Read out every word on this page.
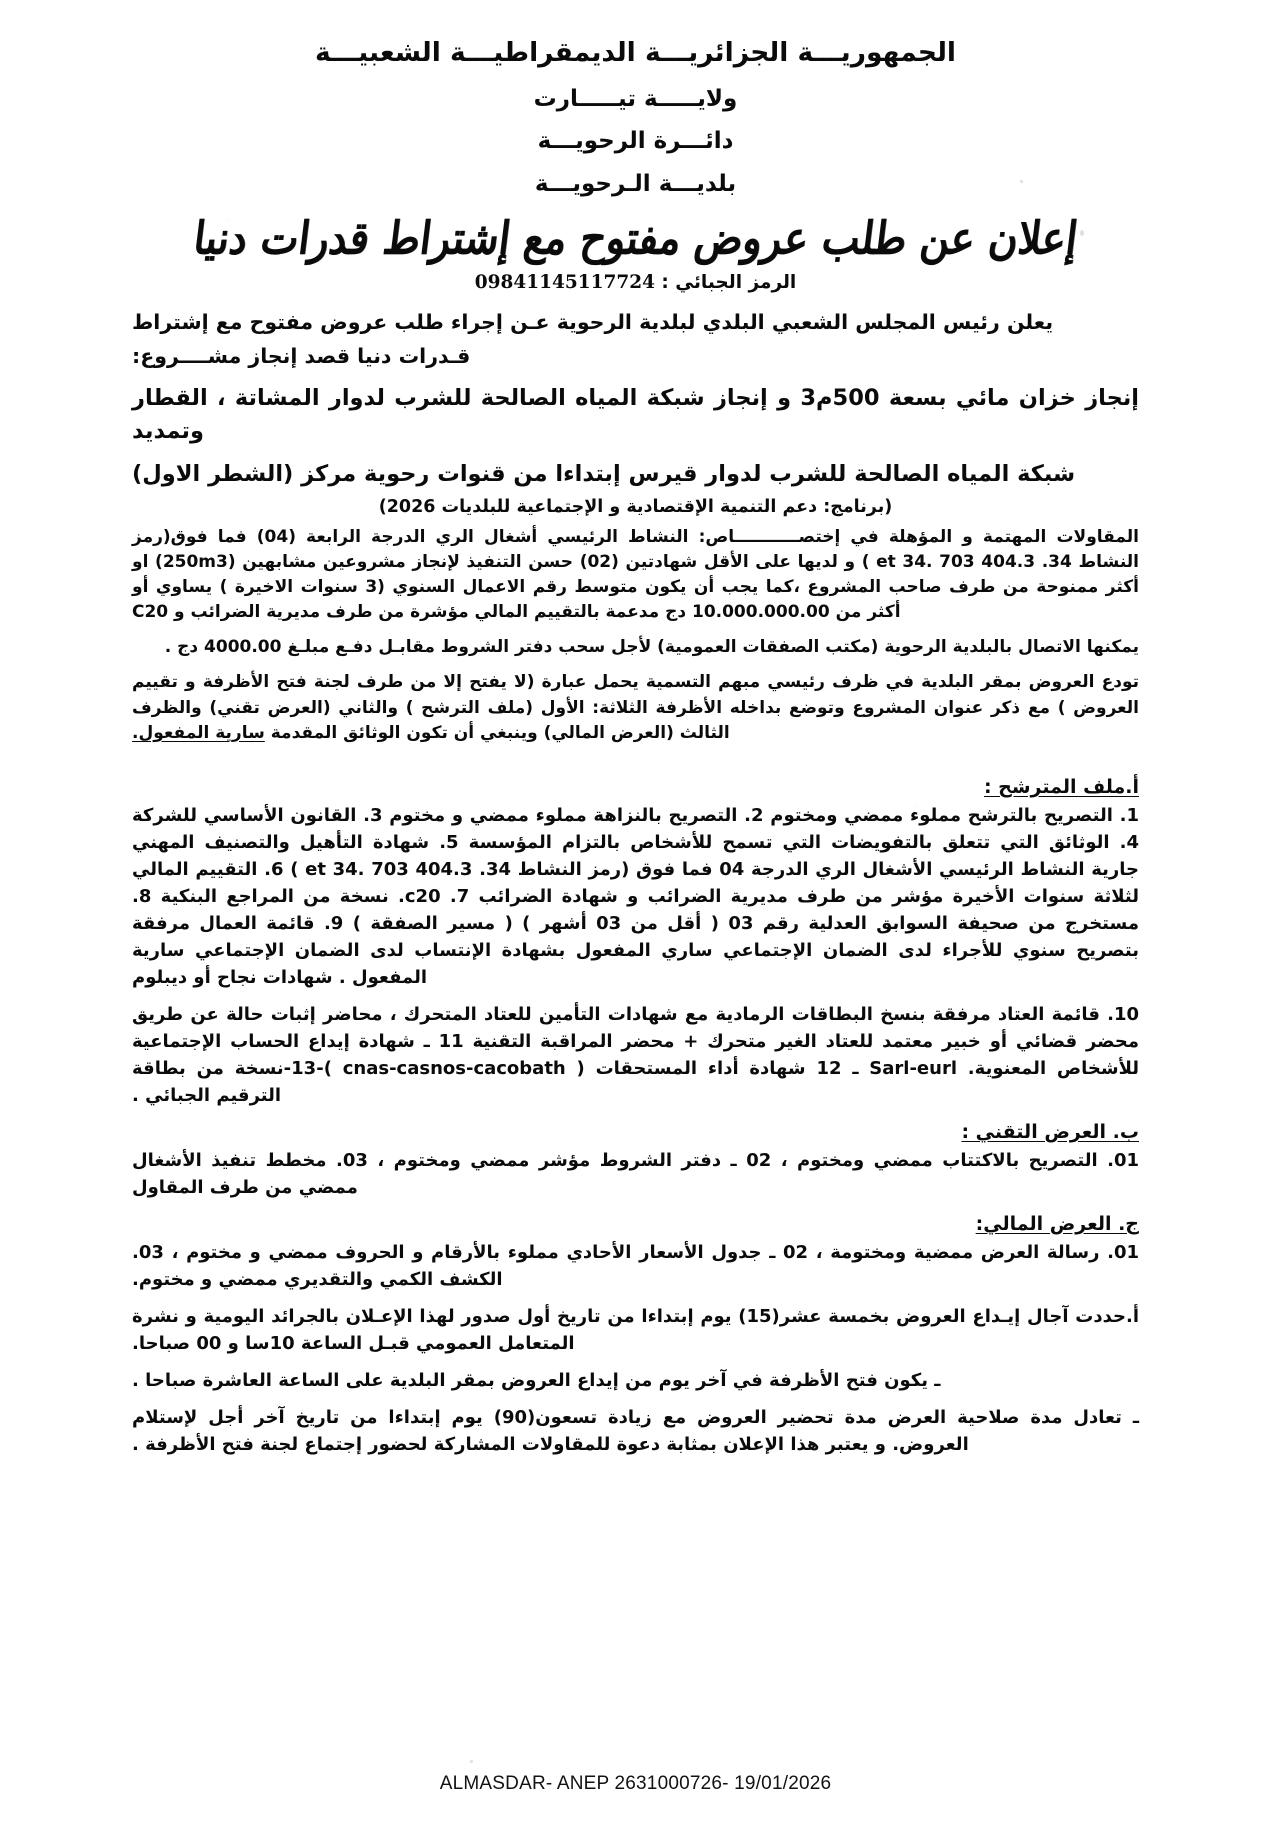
الجمهوريـــة الجزائريـــة الديمقراطيـــة الشعبيـــة
ولايـــــة تيـــــارت
دائـــرة الرحويـــة
بلديـــة الـرحويـــة
إعلان عن طلب عروض مفتوح مع إشتراط قدرات دنيا
الرمز الجبائي : 09841145117724

يعلن رئيس المجلس الشعبي البلدي لبلدية الرحوية عـن إجراء طلب عروض مفتوح مع إشتراط

قـدرات دنيا قصد إنجاز مشــــروع:

إنجاز خزان مائي بسعة 500م3 و إنجاز شبكة المياه الصالحة للشرب لدوار المشاتة ، القطار وتمديد

شبكة المياه الصالحة للشرب لدوار قيرس إبتداءا من قنوات رحوية مركز (الشطر الاول)

(برنامج: دعم التنمية الإقتصادية و الإجتماعية للبلديات 2026)

المقاولات المهتمة و المؤهلة في إختصـــــــــــاص: النشاط الرئيسي أشغال الري الدرجة الرابعة (04) فما فوق(رمز النشاط 34. 404.3 et 34. 703 ) و لديها على الأقل شهادتين (02) حسن التنفيذ لإنجاز مشروعين مشابهين (250m3) او أكثر ممنوحة من طرف صاحب المشروع ،كما يجب أن يكون متوسط رقم الاعمال السنوي (3 سنوات الاخيرة ) يساوي أو أكثر من 10.000.000.00 دج مدعمة بالتقييم المالي مؤشرة من طرف مديرية الضرائب و C20

يمكنها الاتصال بالبلدية الرحوية (مكتب الصفقات العمومية) لأجل سحب دفتر الشروط مقابـل دفـع مبلـغ 4000.00 دج .

تودع العروض بمقر البلدية في ظرف رئيسي مبهم التسمية يحمل عبارة (لا يفتح إلا من طرف لجنة فتح الأظرفة و تقييم العروض ) مع ذكر عنوان المشروع وتوضع بداخله الأظرفة الثلاثة: الأول (ملف الترشح ) والثاني (العرض تقني) والظرف الثالث (العرض المالي) وينبغي أن تكون الوثائق المقدمة سارية المفعول.

أ.ملف المترشح :

1. التصريح بالترشح مملوء ممضي ومختوم 2. التصريح بالنزاهة مملوء ممضي و مختوم 3. القانون الأساسي للشركة 4. الوثائق التي تتعلق بالتفويضات التي تسمح للأشخاص بالتزام المؤسسة 5. شهادة التأهيل والتصنيف المهني جارية النشاط الرئيسي الأشغال الري الدرجة 04 فما فوق (رمز النشاط 34. 404.3 et 34. 703 ) 6. التقييم المالي لثلاثة سنوات الأخيرة مؤشر من طرف مديرية الضرائب و شهادة الضرائب c20 .7. نسخة من المراجع البنكية 8. مستخرج من صحيفة السوابق العدلية رقم 03 ( أقل من 03 أشهر ) ( مسير الصفقة ) 9. قائمة العمال مرفقة بتصريح سنوي للأجراء لدى الضمان الإجتماعي ساري المفعول بشهادة الإنتساب لدى الضمان الإجتماعي سارية المفعول . شهادات نجاح أو ديبلوم

10. قائمة العتاد مرفقة بنسخ البطاقات الرمادية مع شهادات التأمين للعتاد المتحرك ، محاضر إثبات حالة عن طريق محضر قضائي أو خبير معتمد للعتاد الغير متحرك + محضر المراقبة التقنية 11 ـ شهادة إيداع الحساب الإجتماعية للأشخاص المعنوية. Sarl-eurl ـ 12 شهادة أداء المستحقات ( cnas-casnos-cacobath )-13-نسخة من بطاقة الترقيم الجبائي .

ب. العرض التقني :

01. التصريح بالاكتتاب ممضي ومختوم ، 02 ـ دفتر الشروط مؤشر ممضي ومختوم ، 03. مخطط تنفيذ الأشغال ممضي من طرف المقاول

ج. العرض المالي:

01. رسالة العرض ممضية ومختومة ، 02 ـ جدول الأسعار الأحادي مملوء بالأرقام و الحروف ممضي و مختوم ، 03. الكشف الكمي والتقديري ممضي و مختوم.

أ.حددت آجال إيـداع العروض بخمسة عشر(15) يوم إبتداءا من تاريخ أول صدور لهذا الإعـلان بالجرائد اليومية و نشرة المتعامل العمومي قبـل الساعة 10سا و 00 صباحا.

ـ يكون فتح الأظرفة في آخر يوم من إيداع العروض بمقر البلدية على الساعة العاشرة صباحا .

ـ تعادل مدة صلاحية العرض مدة تحضير العروض مع زيادة تسعون(90) يوم إبتداءا من تاريخ آخر أجل لإستلام العروض. و يعتبر هذا الإعلان بمثابة دعوة للمقاولات المشاركة لحضور إجتماع لجنة فتح الأظرفة .

ALMASDAR- ANEP 2631000726- 19/01/2026
